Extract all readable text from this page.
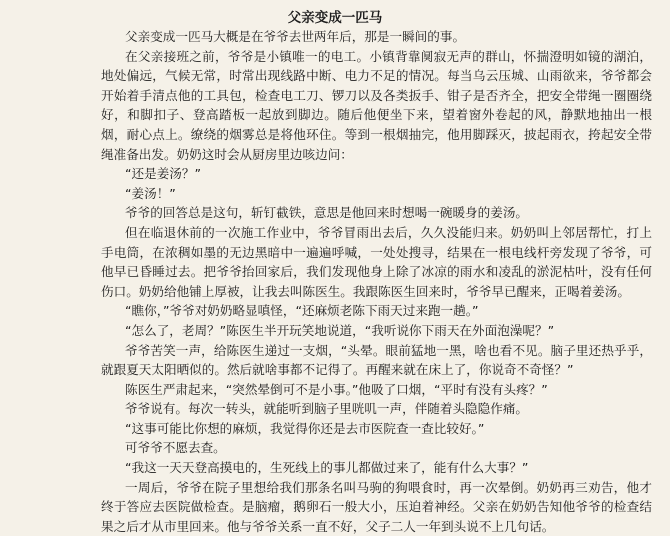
父亲变成一匹马

父亲变成一匹马大概是在爷爷去世两年后，那是一瞬间的事。

在父亲接班之前，爷爷是小镇唯一的电工。小镇背靠阒寂无声的群山，怀揣澄明如镜的湖泊，地处偏远，气候无常，时常出现线路中断、电力不足的情况。每当乌云压城、山雨欲来，爷爷都会开始着手清点他的工具包，检查电工刀、锣刀以及各类扳手、钳子是否齐全，把安全带绳一圈圈绕好，和脚扣子、登高踏板一起放到脚边。随后他便坐下来，望着窗外卷起的风，静默地抽出一根烟，耐心点上。缭绕的烟雾总是将他环住。等到一根烟抽完，他用脚踩灭，披起雨衣，挎起安全带绳准备出发。奶奶这时会从厨房里边咳边问：

“还是姜汤？”

“姜汤！”

爷爷的回答总是这句，斩钉截铁，意思是他回来时想喝一碗暖身的姜汤。

但在临退休前的一次施工作业中，爷爷冒雨出去后，久久没能归来。奶奶叫上邻居帮忙，打上手电筒，在浓稠如墨的无边黑暗中一遍遍呼喊，一处处搜寻，结果在一根电线杆旁发现了爷爷，可他早已昏睡过去。把爷爷抬回家后，我们发现他身上除了冰凉的雨水和凌乱的淤泥枯叶，没有任何伤口。奶奶给他铺上厚被，让我去叫陈医生。我跟陈医生回来时，爷爷早已醒来，正喝着姜汤。

“瞧你，”爷爷对奶奶略显嗔怪，“还麻烦老陈下雨天过来跑一趟。”

“怎么了，老周？”陈医生半开玩笑地说道，“我听说你下雨天在外面泡澡呢？”

爷爷苦笑一声，给陈医生递过一支烟，“头晕。眼前猛地一黑，啥也看不见。脑子里还热乎乎，就跟夏天太阳晒似的。然后就啥事都不记得了。再醒来就在床上了，你说奇不奇怪？”

陈医生严肃起来，“突然晕倒可不是小事。”他吸了口烟，“平时有没有头疼？”

爷爷说有。每次一转头，就能听到脑子里咣叽一声，伴随着头隐隐作痛。

“这事可能比你想的麻烦，我觉得你还是去市医院查一查比较好。”

可爷爷不愿去查。

“我这一天天登高摸电的，生死线上的事儿都做过来了，能有什么大事？”

一周后，爷爷在院子里想给我们那条名叫马驹的狗喂食时，再一次晕倒。奶奶再三劝告，他才终于答应去医院做检查。是脑瘤，鹅卵石一般大小，压迫着神经。父亲在奶奶告知他爷爷的检查结果之后才从市里回来。他与爷爷关系一直不好，父子二人一年到头说不上几句话。
